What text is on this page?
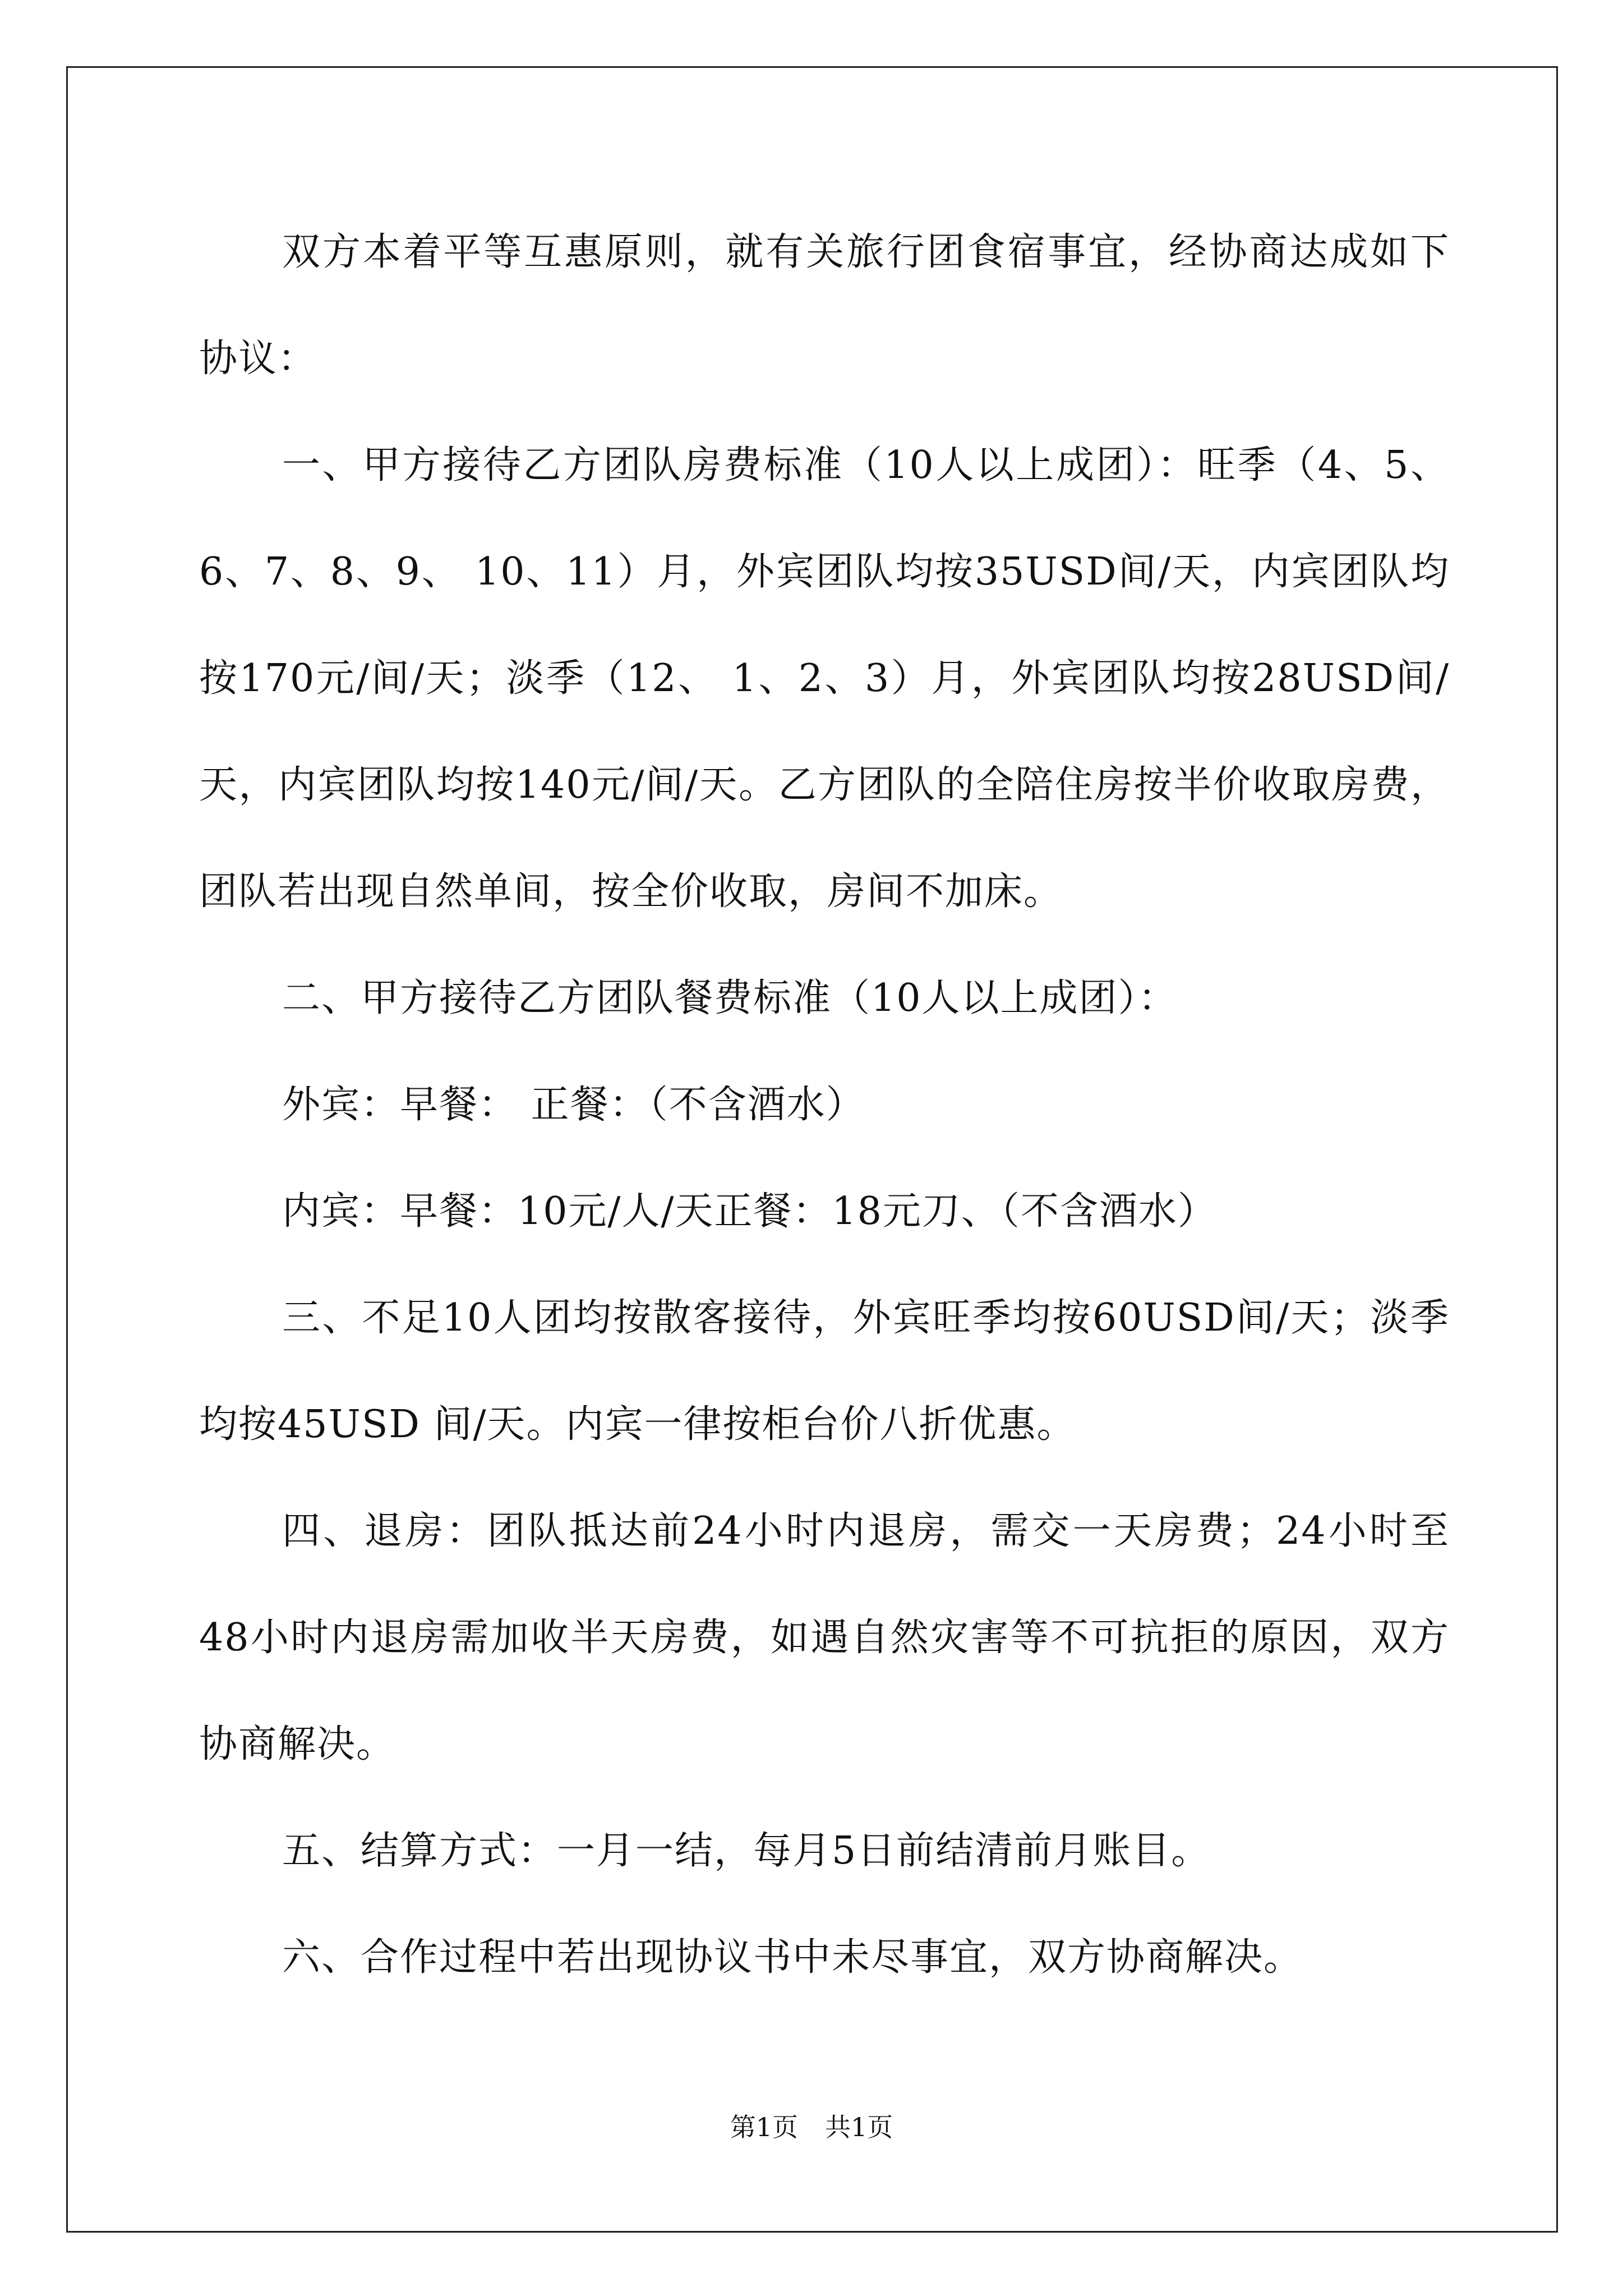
双方本着平等互惠原则，就有关旅行团食宿事宜，经协商达成如下协议：

一、甲方接待乙方团队房费标准（10人以上成团）：旺季（4、5、6、7、8、9、 10、11）月，外宾团队均按35USD间/天，内宾团队均按170元/间/天；淡季（12、 1、2、3）月，外宾团队均按28USD间/天，内宾团队均按140元/间/天。乙方团队的全陪住房按半价收取房费，团队若出现自然单间，按全价收取，房间不加床。

二、甲方接待乙方团队餐费标准（10人以上成团）：

外宾：早餐： 正餐：（不含酒水）

内宾：早餐：10元/人/天正餐：18元刀、（不含酒水）

三、不足10人团均按散客接待，外宾旺季均按60USD间/天；淡季均按45USD 间/天。内宾一律按柜台价八折优惠。

四、退房：团队抵达前24小时内退房，需交一天房费；24小时至48小时内退房需加收半天房费，如遇自然灾害等不可抗拒的原因，双方协商解决。

五、结算方式：一月一结，每月5日前结清前月账目。

六、合作过程中若出现协议书中未尽事宜，双方协商解决。

第1页 共1页
